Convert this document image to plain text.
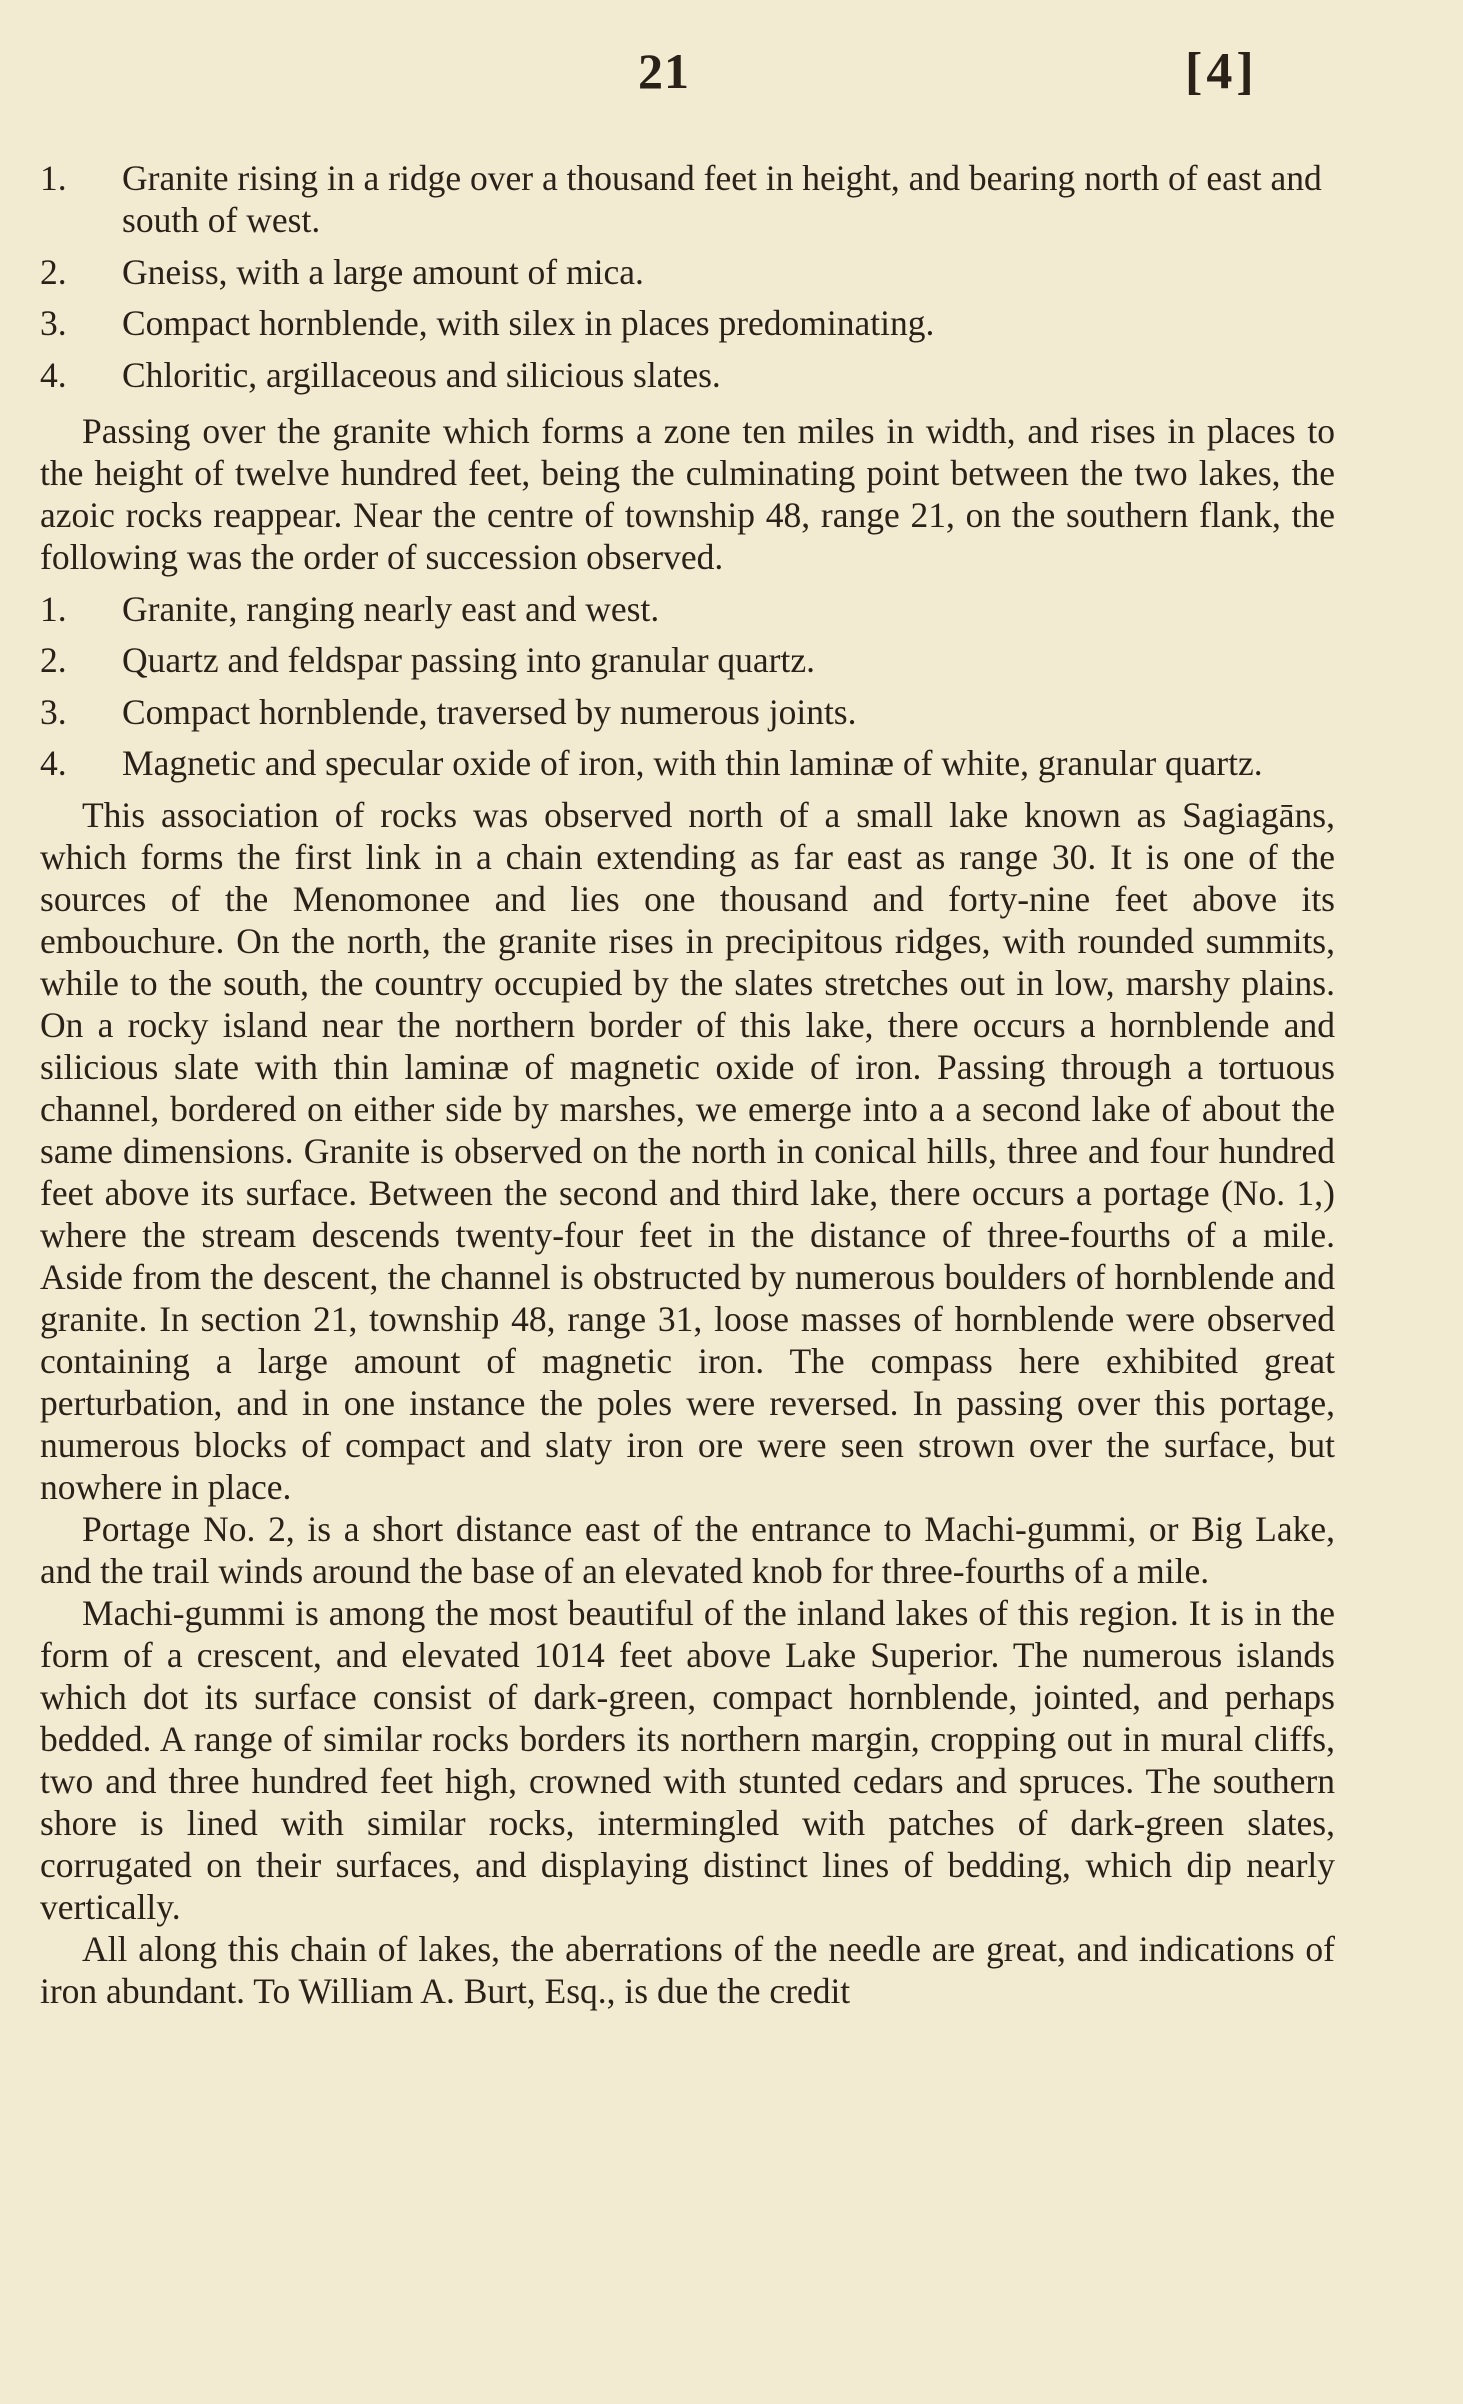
21	[4]
1. Granite rising in a ridge over a thousand feet in height, and bearing north of east and south of west.
2. Gneiss, with a large amount of mica.
3. Compact hornblende, with silex in places predominating.
4. Chloritic, argillaceous and silicious slates.

Passing over the granite which forms a zone ten miles in width, and rises in places to the height of twelve hundred feet, being the culminating point between the two lakes, the azoic rocks reappear. Near the centre of township 48, range 21, on the southern flank, the following was the order of succession observed.

1. Granite, ranging nearly east and west.
2. Quartz and feldspar passing into granular quartz.
3. Compact hornblende, traversed by numerous joints.
4. Magnetic and specular oxide of iron, with thin laminæ of white, granular quartz.

This association of rocks was observed north of a small lake known as Sagiagāns, which forms the first link in a chain extending as far east as range 30. It is one of the sources of the Menomonee and lies one thousand and forty-nine feet above its embouchure. On the north, the granite rises in precipitous ridges, with rounded summits, while to the south, the country occupied by the slates stretches out in low, marshy plains. On a rocky island near the northern border of this lake, there occurs a hornblende and silicious slate with thin laminæ of magnetic oxide of iron. Passing through a tortuous channel, bordered on either side by marshes, we emerge into a a second lake of about the same dimensions. Granite is observed on the north in conical hills, three and four hundred feet above its surface. Between the second and third lake, there occurs a portage (No. 1,) where the stream descends twenty-four feet in the distance of three-fourths of a mile. Aside from the descent, the channel is obstructed by numerous boulders of hornblende and granite. In section 21, township 48, range 31, loose masses of hornblende were observed containing a large amount of magnetic iron. The compass here exhibited great perturbation, and in one instance the poles were reversed. In passing over this portage, numerous blocks of compact and slaty iron ore were seen strown over the surface, but nowhere in place.

Portage No. 2, is a short distance east of the entrance to Machi-gummi, or Big Lake, and the trail winds around the base of an elevated knob for three-fourths of a mile.

Machi-gummi is among the most beautiful of the inland lakes of this region. It is in the form of a crescent, and elevated 1014 feet above Lake Superior. The numerous islands which dot its surface consist of dark-green, compact hornblende, jointed, and perhaps bedded. A range of similar rocks borders its northern margin, cropping out in mural cliffs, two and three hundred feet high, crowned with stunted cedars and spruces. The southern shore is lined with similar rocks, intermingled with patches of dark-green slates, corrugated on their surfaces, and displaying distinct lines of bedding, which dip nearly vertically.

All along this chain of lakes, the aberrations of the needle are great, and indications of iron abundant. To William A. Burt, Esq., is due the credit
